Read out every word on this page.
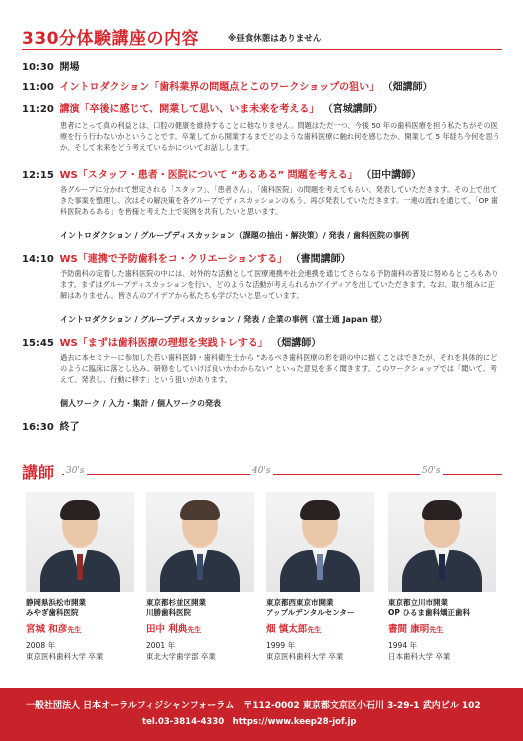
330分体験講座の内容	※昼食休憩はありません
10:30 開場
11:00 イントロダクション「歯科業界の問題点とこのワークショップの狙い」 （畑講師）
11:20 講演「卒後に感じて、開業して思い、いま未来を考える」 （宮城講師）
患者にとって真の利益とは、口腔の健康を維持することに他なりません。問題はただ一つ、今後 50 年の歯科医療を担う私たちがその医療を行う行わないかということです。卒業してから開業するまでどのような歯科医療に触れ何を感じたか、開業して 5 年経ち今何を思うか、そして未来をどう考えているかについてお話しします。
12:15 WS「スタッフ・患者・医院について “あるある” 問題を考える」 （田中講師）
各グループに分かれて想定される「スタッフ」、「患者さん」、「歯科医院」の問題を考えてもらい、発表していただきます。その上で出てきた事案を整理し、次はその解決策を各グループでディスカッションのもう、再び発表していただきます。一連の流れを通じて、「OP 歯科医院あるある」を皆様と考えた上で実例を共有したいと思います。
イントロダクション / グループディスカッション（課題の抽出・解決策）/ 発表 / 歯科医院の事例
14:10 WS「連携で予防歯科をコ・クリエーションする」 （書間講師）
予防歯科の定着した歯科医院の中には、対外的な活動として医療連携や社会連携を通じてさらなる予防歯科の普及に努めるところもあります。まずはグループディスカッションを行い、どのような活動が考えられるかアイディアを出していただきます。なお、取り組みに正解はありません。皆さんのアイデアから私たちも学びたいと思っています。
イントロダクション / グループディスカッション / 発表 / 企業の事例（富士通 Japan 様）
15:45 WS「まずは歯科医療の理想を実践トレする」 （畑講師）
過去に本セミナーに参加した若い歯科医師・歯科衛生士から “あるべき歯科医療の形を頭の中に描くことはできたが、それを具体的にどのように臨床に落とし込み、研修をしていけば良いかわからない” といった意見を多く聞きます。このワークショップでは「聞いて、考えて、発表し、行動に移す」という狙いがあります。
個人ワーク / 入力・集計 / 個人ワークの発表
16:30 終了
講師 30's	40's	50's
静岡県浜松市開業
みやぎ歯科医院
宮城 和彦先生
2008 年
東京医科歯科大学 卒業
東京都杉並区開業
川勝歯科医院
田中 利典先生
2001 年
東北大学歯学部 卒業
東京都西東京市開業
アップルデンタルセンター
畑 慎太郎先生
1999 年
東京医科歯科大学 卒業
東京都立川市開業
OP ひるま歯科矯正歯科
書間 康明先生
1994 年
日本歯科大学 卒業
一般社団法人 日本オーラルフィジシャンフォーラム　〒112-0002 東京都文京区小石川 3-29-1 武内ビル 102
tel.03-3814-4330　https://www.keep28-jof.jp
